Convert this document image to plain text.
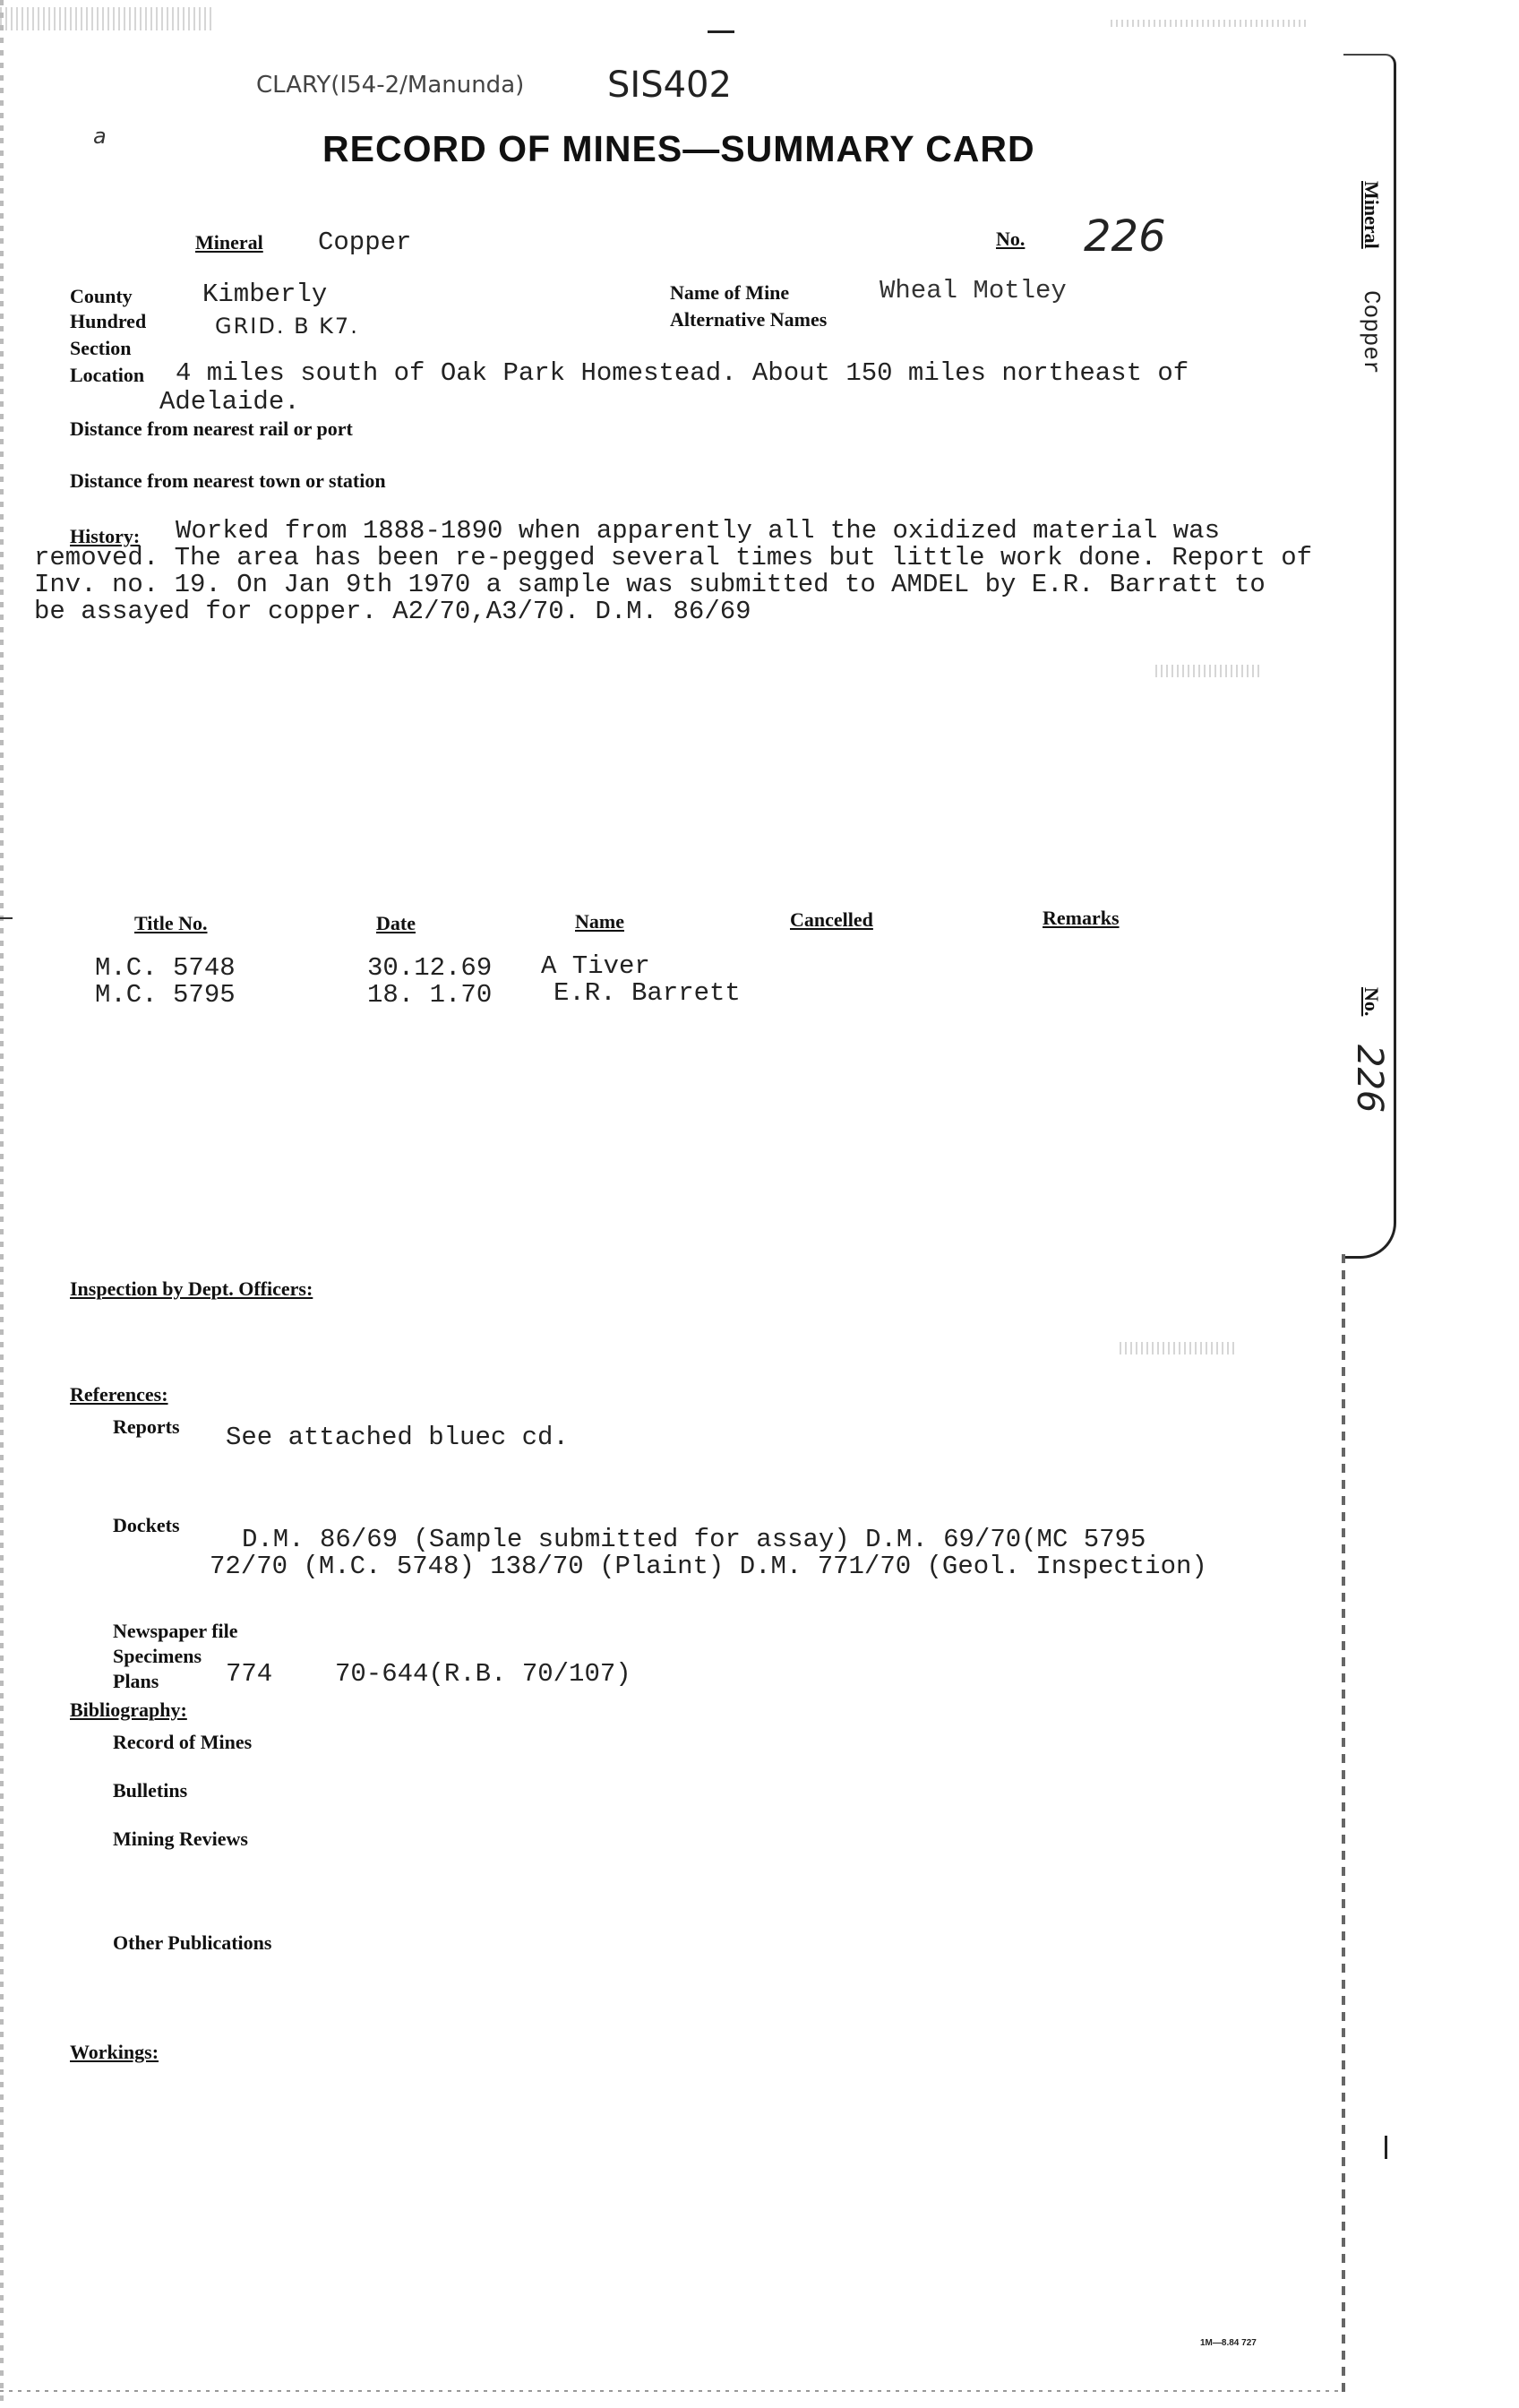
CLARY(I54-2/Manunda) SIS402
a	RECORD OF MINES—SUMMARY CARD
Mineral Copper	No. 226
County	Kimberly	Name of Mine	Wheal Motley
Hundred	GRID. B K7.	Alternative Names
Section
Location 4 miles south of Oak Park Homestead. About 150 miles northeast of
Adelaide.
Distance from nearest rail or port
Distance from nearest town or station
History: Worked from 1888-1890 when apparently all the oxidized material was
removed. The area has been re-pegged several times but little work done. Report of
Inv. no. 19. On Jan 9th 1970 a sample was submitted to AMDEL by E.R. Barratt to
be assayed for copper. A2/70,A3/70. D.M. 86/69
Title No.	Date	Name	Cancelled	Remarks
M.C. 5748	30.12.69 A Tiver
M.C. 5795	18. 1.70 E.R. Barrett
Inspection by Dept. Officers:
References:
Reports See attached bluec cd.
Dockets D.M. 86/69 (Sample submitted for assay) D.M. 69/70(MC 5795
72/70 (M.C. 5748) 138/70 (Plaint) D.M. 771/70 (Geol. Inspection)
Newspaper file
Specimens
Plans	774 70-644(R.B. 70/107)
Bibliography:
Record of Mines
Bulletins
Mining Reviews
Other Publications
Workings:
Mineral
Copper
No.
226
1M—8.84 727
